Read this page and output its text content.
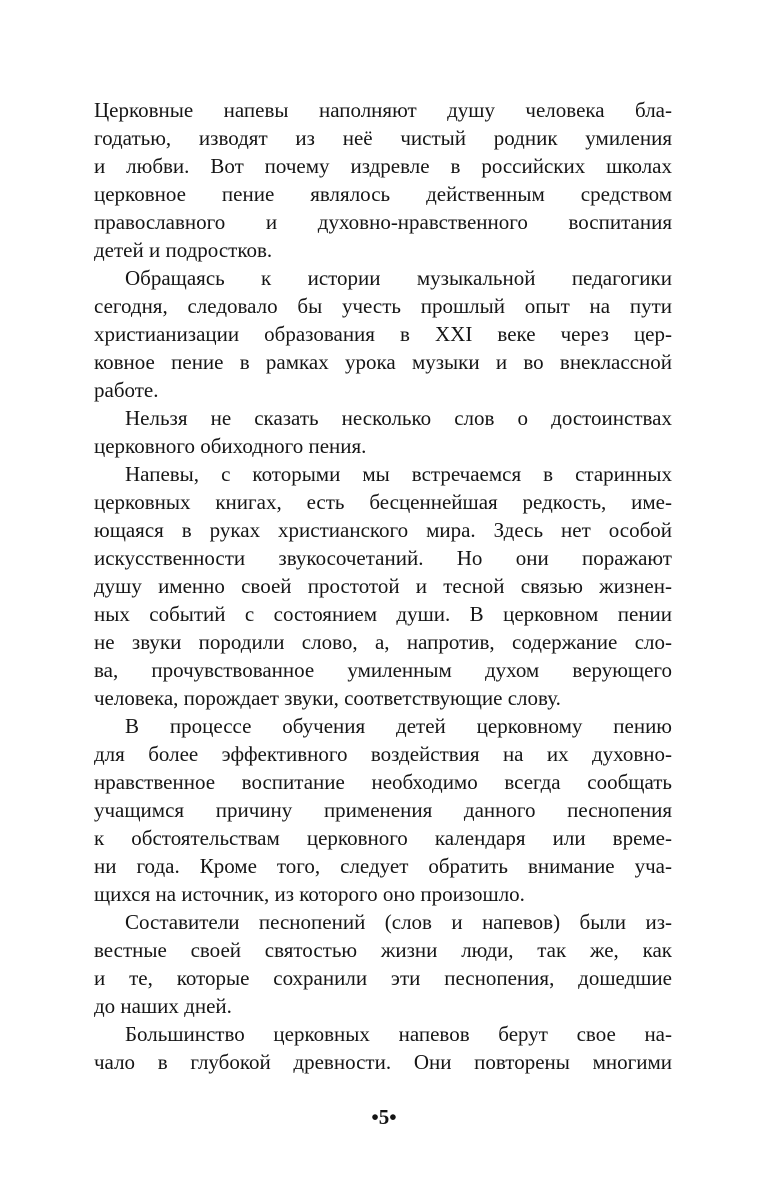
Церковные напевы наполняют душу человека бла-
годатью, изводят из неё чистый родник умиления
и любви. Вот почему издревле в российских школах
церковное пение являлось действенным средством
православного и духовно-нравственного воспитания
детей и подростков.
Обращаясь к истории музыкальной педагогики
сегодня, следовало бы учесть прошлый опыт на пути
христианизации образования в XXI веке через цер-
ковное пение в рамках урока музыки и во внеклассной
работе.
Нельзя не сказать несколько слов о достоинствах
церковного обиходного пения.
Напевы, с которыми мы встречаемся в старинных
церковных книгах, есть бесценнейшая редкость, име-
ющаяся в руках христианского мира. Здесь нет особой
искусственности звукосочетаний. Но они поражают
душу именно своей простотой и тесной связью жизнен-
ных событий с состоянием души. В церковном пении
не звуки породили слово, а, напротив, содержание сло-
ва, прочувствованное умиленным духом верующего
человека, порождает звуки, соответствующие слову.
В процессе обучения детей церковному пению
для более эффективного воздействия на их духовно-
нравственное воспитание необходимо всегда сообщать
учащимся причину применения данного песнопения
к обстоятельствам церковного календаря или време-
ни года. Кроме того, следует обратить внимание уча-
щихся на источник, из которого оно произошло.
Составители песнопений (слов и напевов) были из-
вестные своей святостью жизни люди, так же, как
и те, которые сохранили эти песнопения, дошедшие
до наших дней.
Большинство церковных напевов берут свое на-
чало в глубокой древности. Они повторены многими
•5•
